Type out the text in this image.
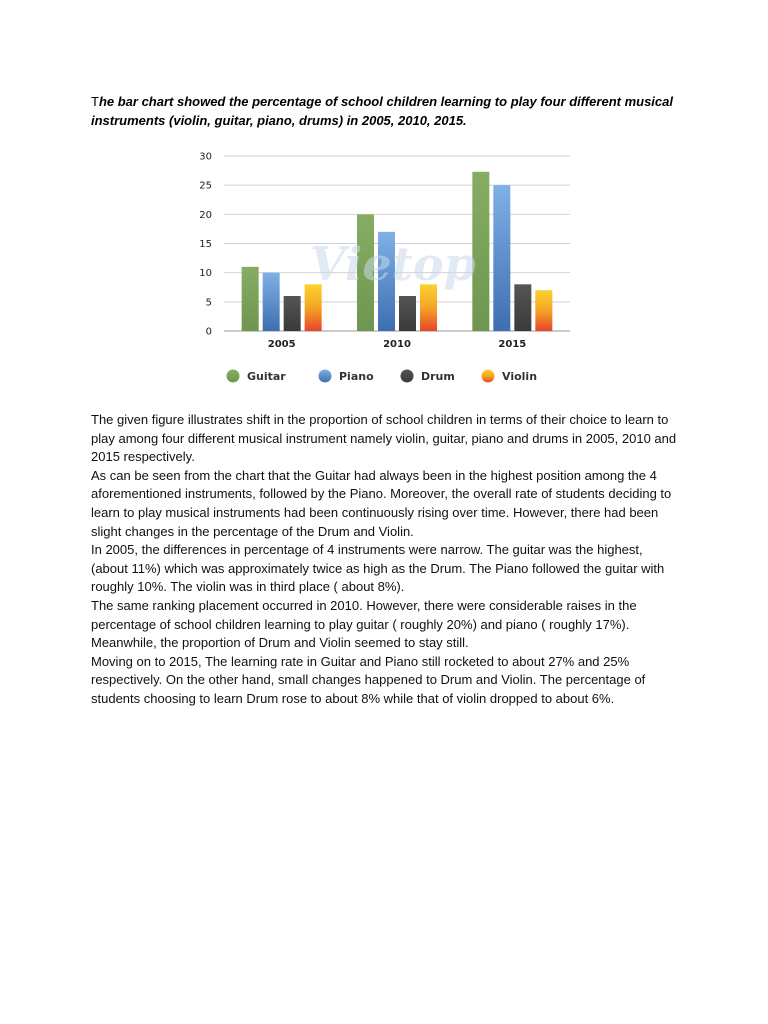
The bar chart showed the percentage of school children learning to play four different musical instruments (violin, guitar, piano, drums) in 2005, 2010, 2015.
Vietop
0
5
10
15
20
25
30
2005	2010	2015
Guitar	Piano	Drum	Violin

The given figure illustrates shift in the proportion of school children in terms of their choice to learn to play among four different musical instrument namely violin, guitar, piano and drums in 2005, 2010 and 2015 respectively.

As can be seen from the chart that the Guitar had always been in the highest position among the 4 aforementioned instruments, followed by the Piano. Moreover, the overall rate of students deciding to learn to play musical instruments had been continuously rising over time. However, there had been slight changes in the percentage of the Drum and Violin.

In 2005, the differences in percentage of 4 instruments were narrow. The guitar was the highest, (about 11%) which was approximately twice as high as the Drum. The Piano followed the guitar with roughly 10%. The violin was in third place ( about 8%).

The same ranking placement occurred in 2010. However, there were considerable raises in the percentage of school children learning to play guitar ( roughly 20%) and piano ( roughly 17%). Meanwhile, the proportion of Drum and Violin seemed to stay still.

Moving on to 2015, The learning rate in Guitar and Piano still rocketed to about 27% and 25% respectively. On the other hand, small changes happened to Drum and Violin. The percentage of students choosing to learn Drum rose to about 8% while that of violin dropped to about 6%.
